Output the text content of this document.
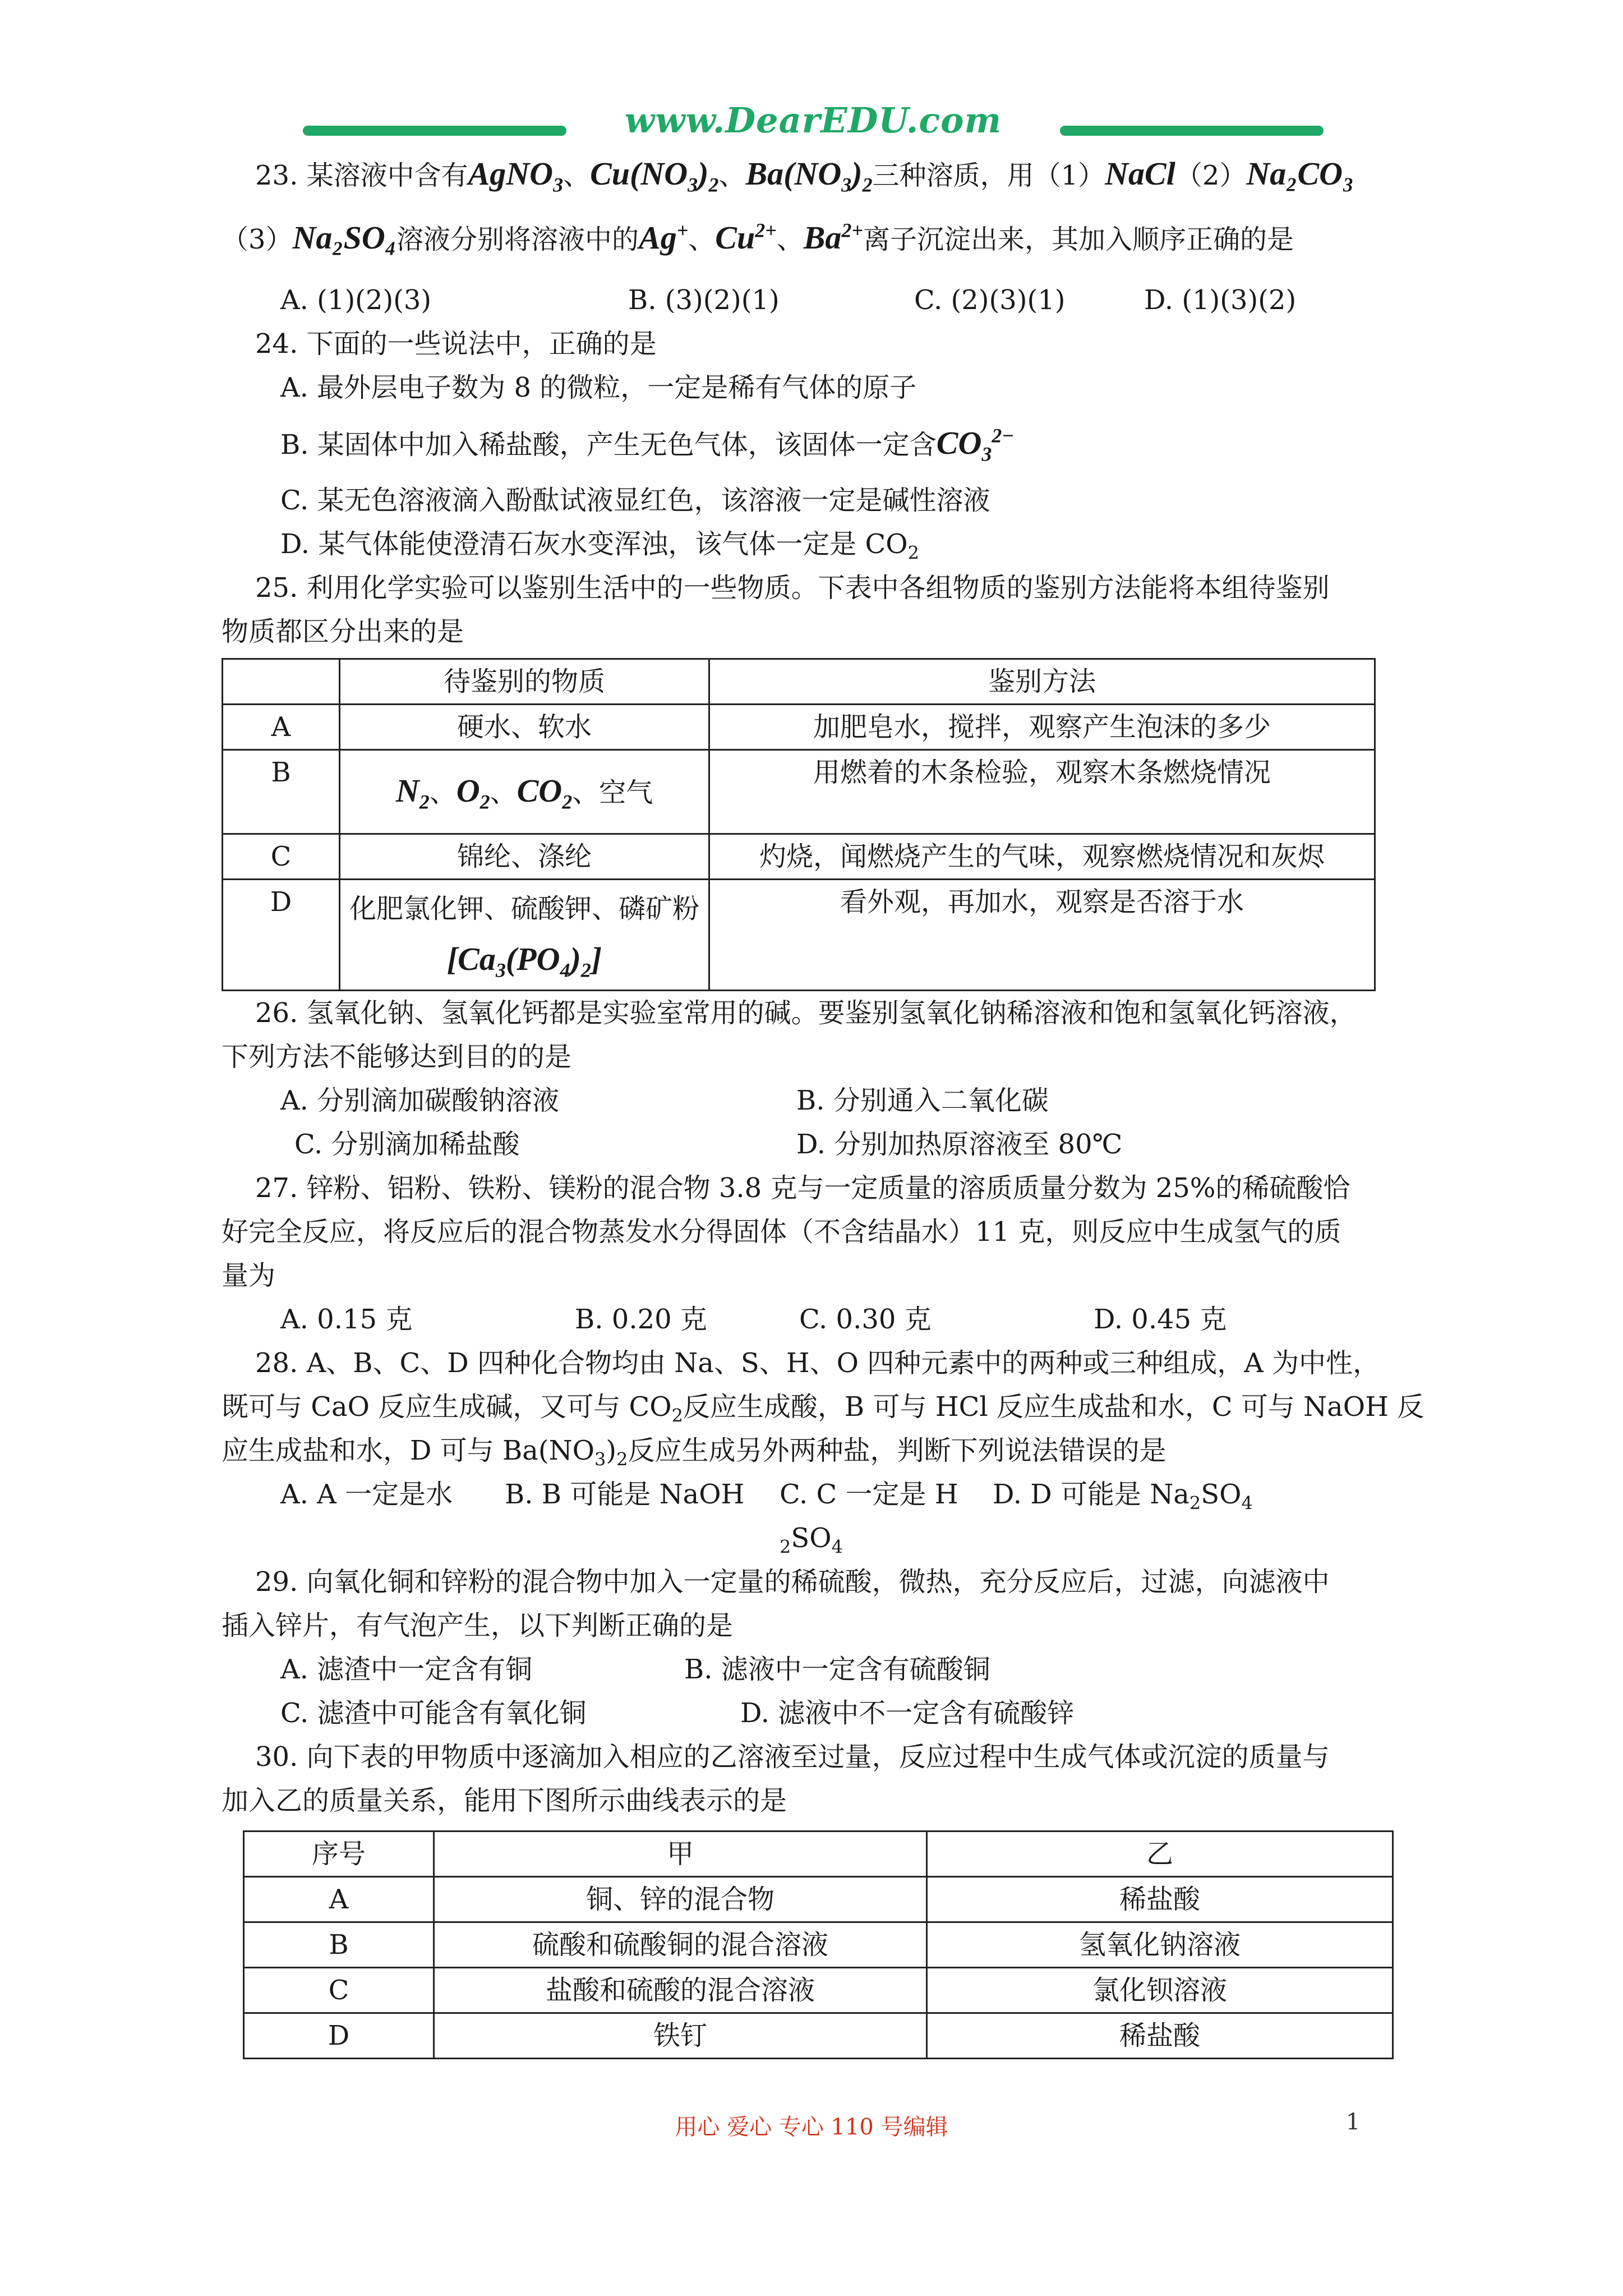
www.DearEDU.com

23. 某溶液中含有AgNO$_3$、$Cu(NO_3)_2$、$Ba(NO_3)_2$三种溶质，用（1）NaCl（2）Na₂CO₃

（3）Na₂SO₄溶液分别将溶液中的Ag+、$Cu^{2+}$、$Ba^{2+}$离子沉淀出来，其加入顺序正确的是

A. (1)(2)(3)	B. (3)(2)(1)	C. (2)(3)(1)	D. (1)(3)(2)

24. 下面的一些说法中，正确的是

A. 最外层电子数为 8 的微粒，一定是稀有气体的原子

B. 某固体中加入稀盐酸，产生无色气体，该固体一定含$CO_3^{2-}$

C. 某无色溶液滴入酚酞试液显红色，该溶液一定是碱性溶液

D. 某气体能使澄清石灰水变浑浊，该气体一定是 $CO_2$

25. 利用化学实验可以鉴别生活中的一些物质。下表中各组物质的鉴别方法能将本组待鉴别

物质都区分出来的是

	待鉴别的物质	鉴别方法
A	硬水、软水	加肥皂水，搅拌，观察产生泡沫的多少
B	$N_2$、$O_2$、$CO_2$、空气	用燃着的木条检验，观察木条燃烧情况
C	锦纶、涤纶	灼烧，闻燃烧产生的气味，观察燃烧情况和灰烬
D	化肥氯化钾、硫酸钾、磷矿粉
$[Ca_3(PO_4)_2]$	看外观，再加水，观察是否溶于水

26. 氢氧化钠、氢氧化钙都是实验室常用的碱。要鉴别氢氧化钠稀溶液和饱和氢氧化钙溶液，

下列方法不能够达到目的的是

A. 分别滴加碳酸钠溶液	B. 分别通入二氧化碳
C. 分别滴加稀盐酸	D. 分别加热原溶液至 80℃

27. 锌粉、铝粉、铁粉、镁粉的混合物 3.8 克与一定质量的溶质质量分数为 25%的稀硫酸恰

好完全反应，将反应后的混合物蒸发水分得固体（不含结晶水）11 克，则反应中生成氢气的质

量为

A. 0.15 克	B. 0.20 克	C. 0.30 克	D. 0.45 克

28. A、B、C、D 四种化合物均由 Na、S、H、O 四种元素中的两种或三种组成，A 为中性，

既可与 CaO 反应生成碱，又可与 $CO_2$反应生成酸，B 可与 HCl 反应生成盐和水，C 可与 NaOH 反

应生成盐和水，D 可与 $Ba(NO_3)_2$反应生成另外两种盐，判断下列说法错误的是

A. A 一定是水	B. B 可能是 NaOH	C. C 一定是 $H_2SO_4$
D. D 可能是 $Na_2SO_4$

29. 向氧化铜和锌粉的混合物中加入一定量的稀硫酸，微热，充分反应后，过滤，向滤液中

插入锌片，有气泡产生，以下判断正确的是

A. 滤渣中一定含有铜	B. 滤液中一定含有硫酸铜
C. 滤渣中可能含有氧化铜	D. 滤液中不一定含有硫酸锌

30. 向下表的甲物质中逐滴加入相应的乙溶液至过量，反应过程中生成气体或沉淀的质量与

加入乙的质量关系，能用下图所示曲线表示的是

序号	甲	乙
A	铜、锌的混合物	稀盐酸
B	硫酸和硫酸铜的混合溶液	氢氧化钠溶液
C	盐酸和硫酸的混合溶液	氯化钡溶液
D	铁钉	稀盐酸
用心 爱心 专心 110 号编辑	1
